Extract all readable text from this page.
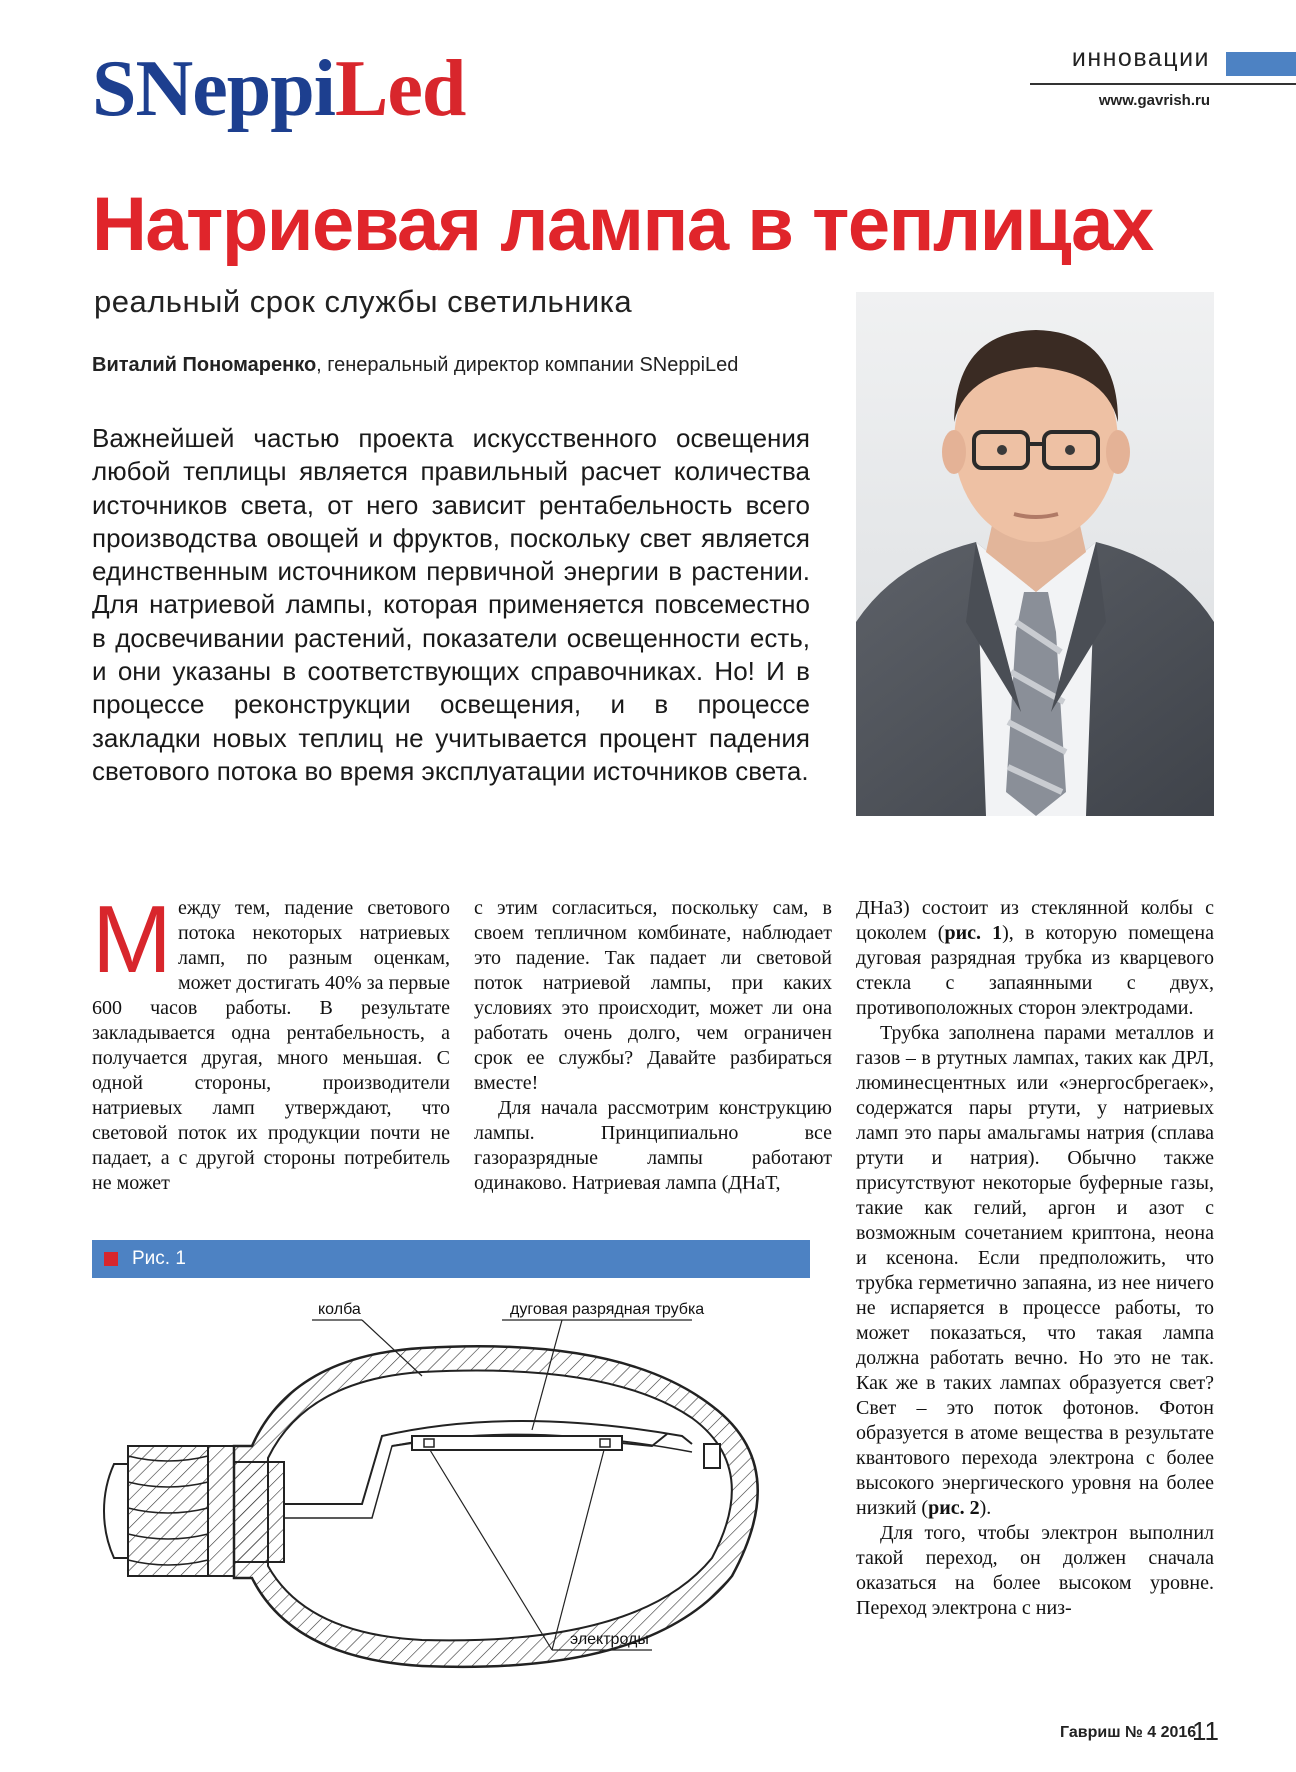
SNeppiLed	инновации
www.gavrish.ru
Натриевая лампа в теплицах
реальный срок службы светильника
Виталий Пономаренко, генеральный директор компании SNeppiLed
Важнейшей частью проекта искусственного освещения любой теплицы является правильный расчет количества источников света, от него зависит рентабельность всего производства овощей и фруктов, поскольку свет является единственным источником первичной энергии в растении. Для натриевой лампы, которая применяется повсеместно в досвечивании растений, показатели освещенности есть, и они указаны в соответствующих справочниках. Но! И в процессе реконструкции освещения, и в процессе закладки новых теплиц не учитывается процент падения светового потока во время эксплуатации источников света.

Между тем, падение светового потока некоторых натриевых ламп, по разным оценкам, может достигать 40% за первые 600 часов работы. В результате закладывается одна рентабельность, а получается другая, много меньшая. С одной стороны, производители натриевых ламп утверждают, что световой поток их продукции почти не падает, а с другой стороны потребитель не может

с этим согласиться, поскольку сам, в своем тепличном комбинате, наблюдает это падение. Так падает ли световой поток натриевой лампы, при каких условиях это происходит, может ли она работать очень долго, чем ограничен срок ее службы? Давайте разбираться вместе!

Для начала рассмотрим конструкцию лампы. Принципиально все газоразрядные лампы работают одинаково. Натриевая лампа (ДНаТ,

ДНаЗ) состоит из стеклянной колбы с цоколем (рис. 1), в которую помещена дуговая разрядная трубка из кварцевого стекла с запаянными с двух, противоположных сторон электродами.

Трубка заполнена парами металлов и газов – в ртутных лампах, таких как ДРЛ, люминесцентных или «энергосбрегаек», содержатся пары ртути, у натриевых ламп это пары амальгамы натрия (сплава ртути и натрия). Обычно также присутствуют некоторые буферные газы, такие как гелий, аргон и азот с возможным сочетанием криптона, неона и ксенона. Если предположить, что трубка герметично запаяна, из нее ничего не испаряется в процессе работы, то может показаться, что такая лампа должна работать вечно. Но это не так. Как же в таких лампах образуется свет? Свет – это поток фотонов. Фотон образуется в атоме вещества в результате квантового перехода электрона с более высокого энергического уровня на более низкий (рис. 2).

Для того, чтобы электрон выполнил такой переход, он должен сначала оказаться на более высоком уровне. Переход электрона с низ-

Рис. 1
колба	дуговая разрядная трубка
электроды
Гавриш № 4 2016
11
